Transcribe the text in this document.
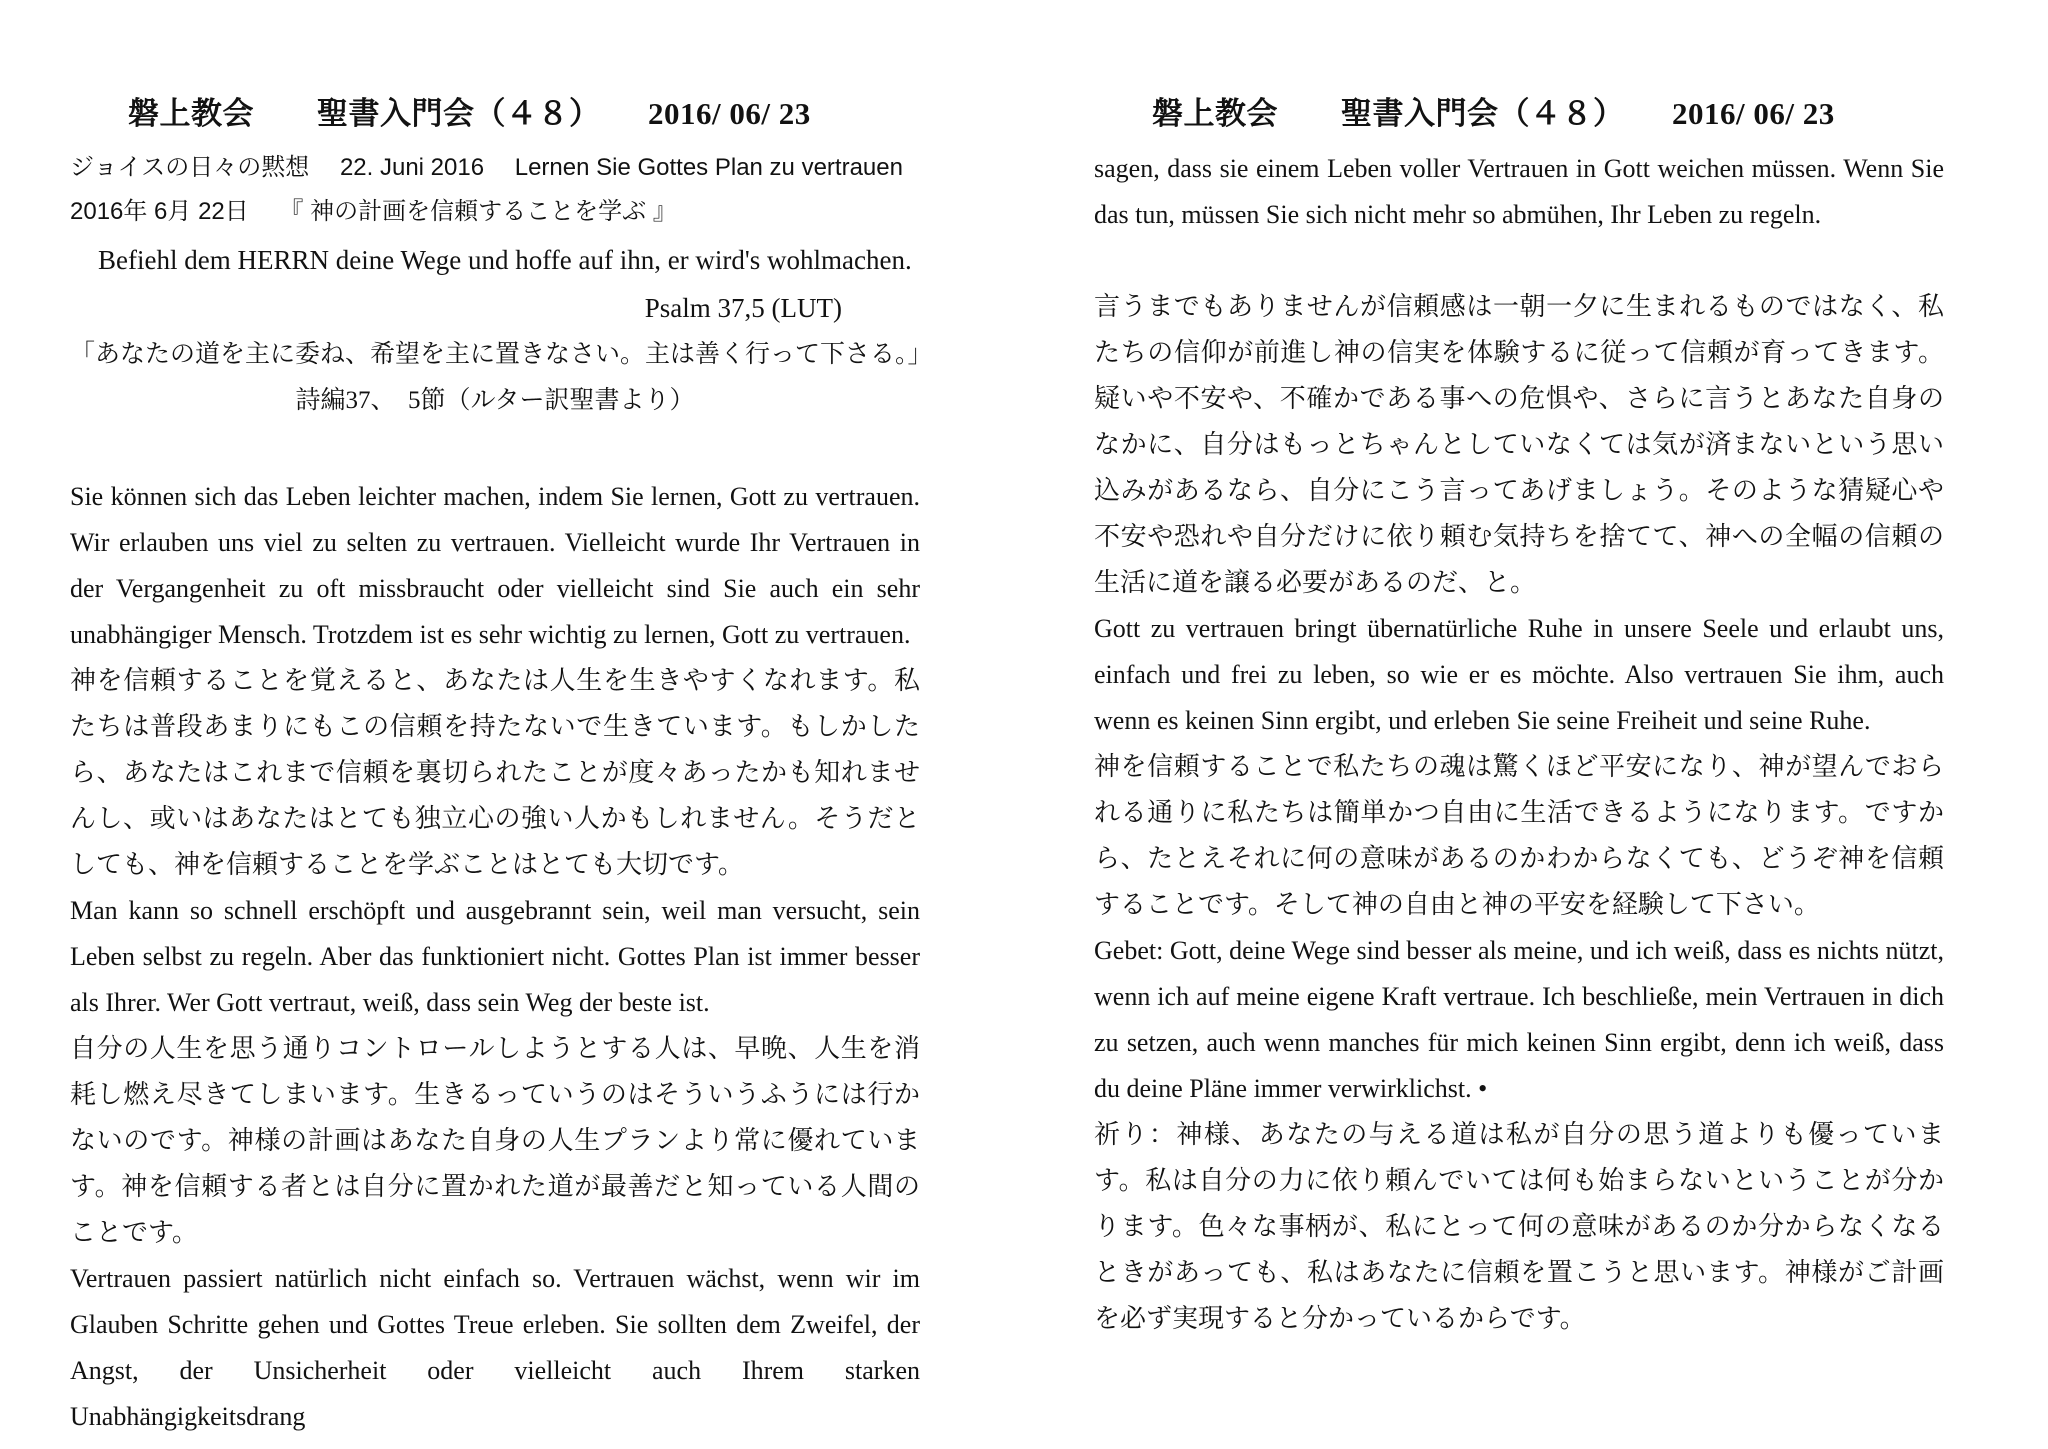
磐上教会　　聖書入門会（４８）　　2016/ 06/ 23

ジョイスの日々の黙想　 22. Juni 2016　 Lernen Sie Gottes Plan zu vertrauen

2016年 6月 22日　 『 神の計画を信頼することを学ぶ 』

Befiehl dem HERRN deine Wege und hoffe auf ihn, er wird's wohlmachen.

Psalm 37,5 (LUT)

「あなたの道を主に委ね、希望を主に置きなさい。主は善く行って下さる。」

詩編37、　5節（ルター訳聖書より）

Sie können sich das Leben leichter machen, indem Sie lernen, Gott zu vertrauen. Wir erlauben uns viel zu selten zu vertrauen. Vielleicht wurde Ihr Vertrauen in der Vergangenheit zu oft missbraucht oder vielleicht sind Sie auch ein sehr unabhängiger Mensch. Trotzdem ist es sehr wichtig zu lernen, Gott zu vertrauen.

神を信頼することを覚えると、あなたは人生を生きやすくなれます。私たちは普段あまりにもこの信頼を持たないで生きています。もしかしたら、あなたはこれまで信頼を裏切られたことが度々あったかも知れませんし、或いはあなたはとても独立心の強い人かもしれません。そうだとしても、神を信頼することを学ぶことはとても大切です。

Man kann so schnell erschöpft und ausgebrannt sein, weil man versucht, sein Leben selbst zu regeln. Aber das funktioniert nicht. Gottes Plan ist immer besser als Ihrer. Wer Gott vertraut, weiß, dass sein Weg der beste ist.

自分の人生を思う通りコントロールしようとする人は、早晩、人生を消耗し燃え尽きてしまいます。生きるっていうのはそういうふうには行かないのです。神様の計画はあなた自身の人生プランより常に優れています。神を信頼する者とは自分に置かれた道が最善だと知っている人間のことです。

Vertrauen passiert natürlich nicht einfach so. Vertrauen wächst, wenn wir im Glauben Schritte gehen und Gottes Treue erleben. Sie sollten dem Zweifel, der Angst, der Unsicherheit oder vielleicht auch Ihrem starken Unabhängigkeitsdrang

磐上教会　　聖書入門会（４８）　　2016/ 06/ 23

sagen, dass sie einem Leben voller Vertrauen in Gott weichen müssen. Wenn Sie das tun, müssen Sie sich nicht mehr so abmühen, Ihr Leben zu regeln.

言うまでもありませんが信頼感は一朝一夕に生まれるものではなく、私たちの信仰が前進し神の信実を体験するに従って信頼が育ってきます。疑いや不安や、不確かである事への危惧や、さらに言うとあなた自身のなかに、自分はもっとちゃんとしていなくては気が済まないという思い込みがあるなら、自分にこう言ってあげましょう。そのような猜疑心や不安や恐れや自分だけに依り頼む気持ちを捨てて、神への全幅の信頼の生活に道を譲る必要があるのだ、と。

Gott zu vertrauen bringt übernatürliche Ruhe in unsere Seele und erlaubt uns, einfach und frei zu leben, so wie er es möchte. Also vertrauen Sie ihm, auch wenn es keinen Sinn ergibt, und erleben Sie seine Freiheit und seine Ruhe.

神を信頼することで私たちの魂は驚くほど平安になり、神が望んでおられる通りに私たちは簡単かつ自由に生活できるようになります。ですから、たとえそれに何の意味があるのかわからなくても、どうぞ神を信頼することです。そして神の自由と神の平安を経験して下さい。

Gebet: Gott, deine Wege sind besser als meine, und ich weiß, dass es nichts nützt, wenn ich auf meine eigene Kraft vertraue. Ich beschließe, mein Vertrauen in dich zu setzen, auch wenn manches für mich keinen Sinn ergibt, denn ich weiß, dass du deine Pläne immer verwirklichst. •

祈り：神様、あなたの与える道は私が自分の思う道よりも優っています。私は自分の力に依り頼んでいては何も始まらないということが分かります。色々な事柄が、私にとって何の意味があるのか分からなくなるときがあっても、私はあなたに信頼を置こうと思います。神様がご計画を必ず実現すると分かっているからです。
